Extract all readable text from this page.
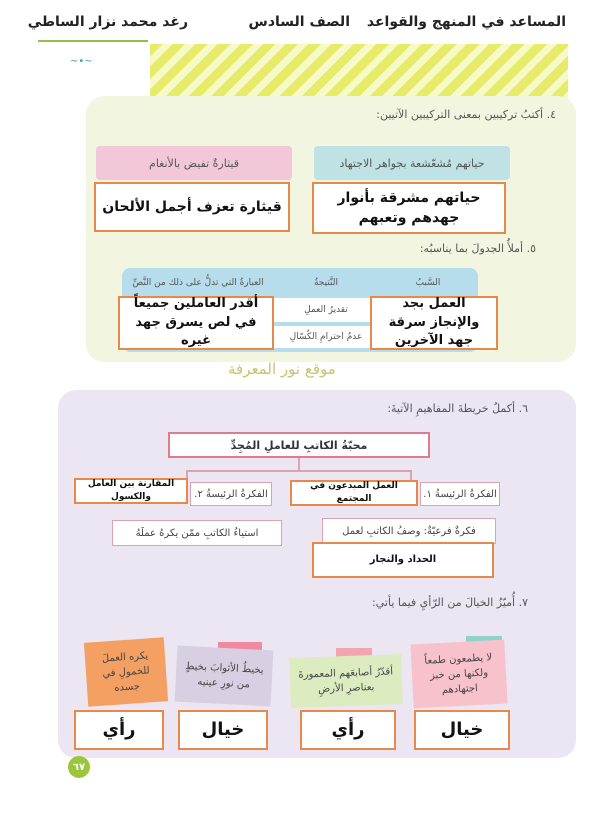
المساعد في المنهج والقواعد
الصف السادس
رغد محمد نزار الساطي
~•~
٤. أكتبُ تركيبين بمعنى التركيبين الآتيين:
حياتهم مُشعّشعة بجواهر الاجتهاد
قيثارةٌ تفيض بالأنغام
حياتهم مشرقة بأنوار جهدهم وتعبهم
قيثارة تعزف أجمل الألحان
٥. أملأُ الجدولَ بما يناسبُه:
السَّببُ
النَّتيجةُ
العبارةُ التي تدلُّ على ذلك من النَّصِّ
تقديرُ العملِ
عدمُ احترامِ الكُسّالِ
العمل بجد والإنجاز سرقة جهد الآخرين
أقدر العاملين جميعاً في لص يسرق جهد غيره
موقع نور المعرفة
٦. أكملُ خريطةَ المفاهيمِ الآتيةَ:
محبّةُ الكاتبِ للعاملِ المُجِدِّ
الفكرةُ الرئيسةُ ١.
العمل المبدعون في المجتمع
الفكرةُ الرئيسةُ ٢.
المقارنة بين العامل والكسول
فكرةٌ فرعيّةٌ: وصفُ الكاتبِ لعمل
الحداد والنجار
استياءُ الكاتبِ ممّن يكرهُ عملَهُ
٧. أُميّزُ الخيالَ من الرّأيِ فيما يأتي:
لا يطمعون طمعاً ولكنها من خبز اجتهادهم
أقدّرُ أصابعَهم المعمورةَ بعناصرِ الأرضِ
يخيطُ الأثوابَ بخيطٍ من نورِ عينيه
يكره العملَ للخمولِ في جسده
خيال
رأي
خيال
رأي
٦٧
